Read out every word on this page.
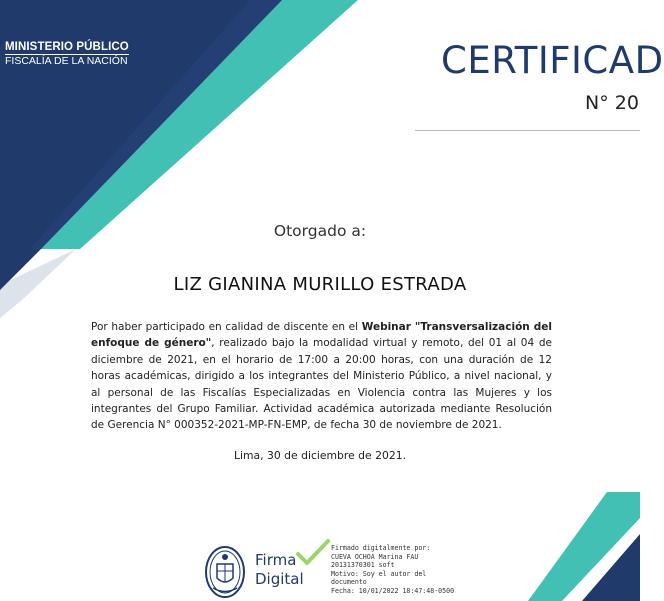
MINISTERIO PÚBLICO
FISCALÍA DE LA NACIÓN	CERTIFICAD
N° 20
Otorgado a:
LIZ GIANINA MURILLO ESTRADA
Por haber participado en calidad de discente en el Webinar "Transversalización del enfoque de género", realizado bajo la modalidad virtual y remoto, del 01 al 04 de diciembre de 2021, en el horario de 17:00 a 20:00 horas, con una duración de 12 horas académicas, dirigido a los integrantes del Ministerio Público, a nivel nacional, y al personal de las Fiscalías Especializadas en Violencia contra las Mujeres y los integrantes del Grupo Familiar. Actividad académica autorizada mediante Resolución de Gerencia N° 000352-2021-MP-FN-EMP, de fecha 30 de noviembre de 2021.
Lima, 30 de diciembre de 2021.
Firma
Digital
Firmado digitalmente por:
CUEVA OCHOA Marina FAU
20131370301 soft
Motivo: Soy el autor del
documento
Fecha: 10/01/2022 18:47:48-0500
